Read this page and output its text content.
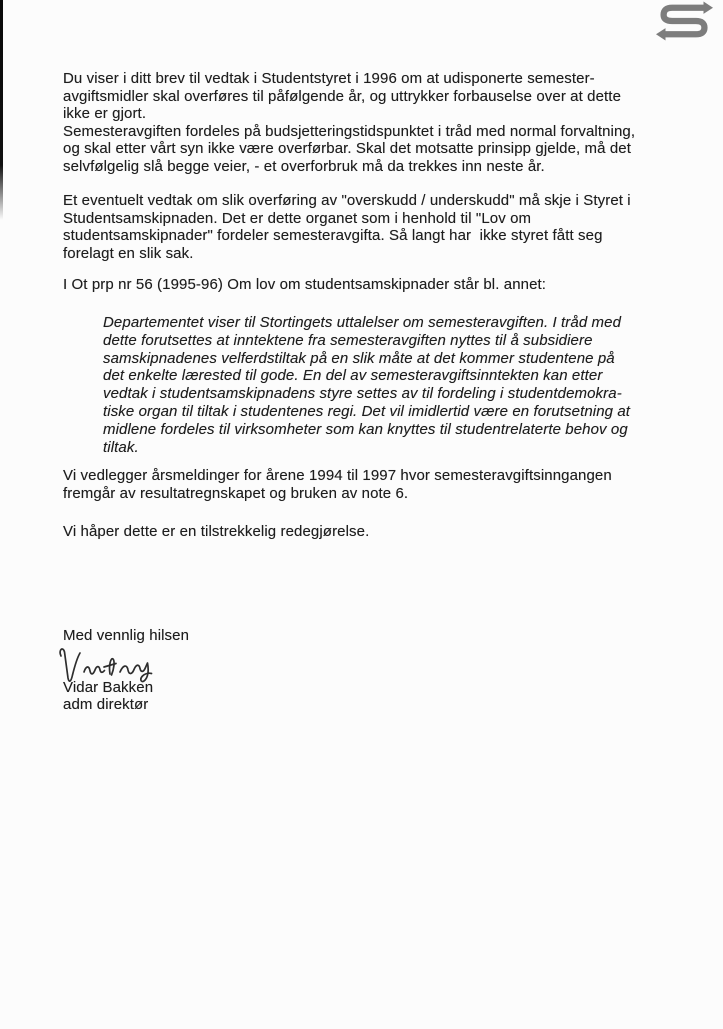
Du viser i ditt brev til vedtak i Studentstyret i 1996 om at udisponerte semester-
avgiftsmidler skal overføres til påfølgende år, og uttrykker forbauselse over at dette
ikke er gjort.
Semesteravgiften fordeles på budsjetteringstidspunktet i tråd med normal forvaltning,
og skal etter vårt syn ikke være overførbar. Skal det motsatte prinsipp gjelde, må det
selvfølgelig slå begge veier, - et overforbruk må da trekkes inn neste år.
Et eventuelt vedtak om slik overføring av "overskudd / underskudd" må skje i Styret i
Studentsamskipnaden. Det er dette organet som i henhold til "Lov om
studentsamskipnader" fordeler semesteravgifta. Så langt har  ikke styret fått seg
forelagt en slik sak.
I Ot prp nr 56 (1995-96) Om lov om studentsamskipnader står bl. annet:
Departementet viser til Stortingets uttalelser om semesteravgiften. I tråd med
dette forutsettes at inntektene fra semesteravgiften nyttes til å subsidiere
samskipnadenes velferdstiltak på en slik måte at det kommer studentene på
det enkelte lærested til gode. En del av semesteravgiftsinntekten kan etter
vedtak i studentsamskipnadens styre settes av til fordeling i studentdemokra-
tiske organ til tiltak i studentenes regi. Det vil imidlertid være en forutsetning at
midlene fordeles til virksomheter som kan knyttes til studentrelaterte behov og
tiltak.
Vi vedlegger årsmeldinger for årene 1994 til 1997 hvor semesteravgiftsinngangen
fremgår av resultatregnskapet og bruken av note 6.
Vi håper dette er en tilstrekkelig redegjørelse.
Med vennlig hilsen
Vidar Bakken
adm direktør
